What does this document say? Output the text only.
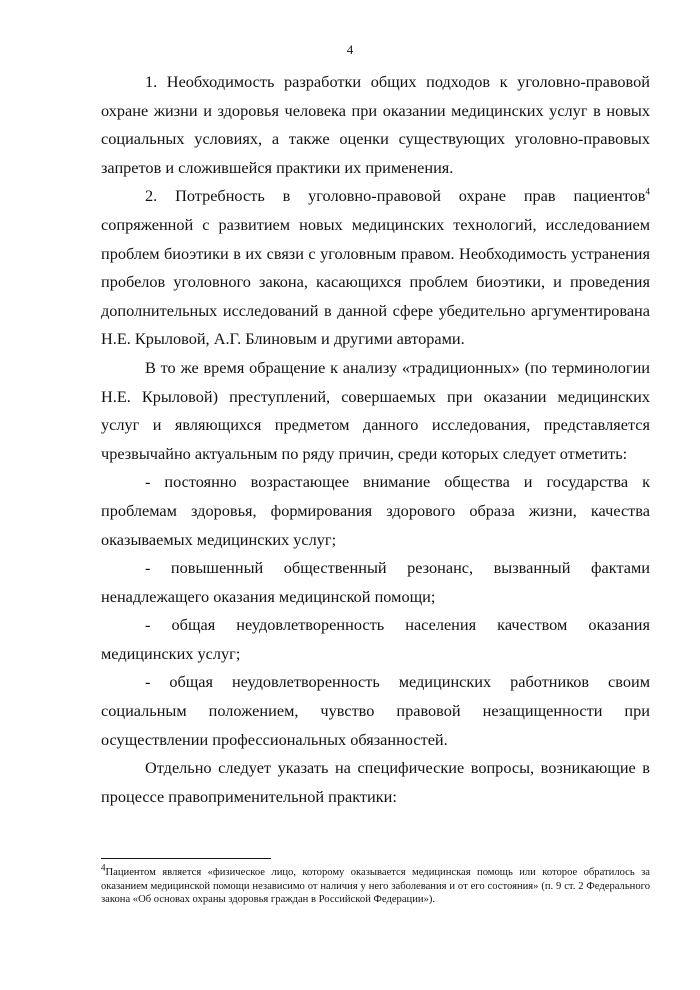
4

1. Необходимость разработки общих подходов к уголовно-правовой охране жизни и здоровья человека при оказании медицинских услуг в новых социальных условиях, а также оценки существующих уголовно-правовых запретов и сложившейся практики их применения.

2. Потребность в уголовно-правовой охране прав пациентов$^4$ сопряженной с развитием новых медицинских технологий, исследованием проблем биоэтики в их связи с уголовным правом. Необходимость устранения пробелов уголовного закона, касающихся проблем биоэтики, и проведения дополнительных исследований в данной сфере убедительно аргументирована Н.Е. Крыловой, А.Г. Блиновым и другими авторами.

В то же время обращение к анализу «традиционных» (по терминологии Н.Е. Крыловой) преступлений, совершаемых при оказании медицинских услуг и являющихся предметом данного исследования, представляется чрезвычайно актуальным по ряду причин, среди которых следует отметить:

- постоянно возрастающее внимание общества и государства к проблемам здоровья, формирования здорового образа жизни, качества оказываемых медицинских услуг;

- повышенный общественный резонанс, вызванный фактами ненадлежащего оказания медицинской помощи;

- общая неудовлетворенность населения качеством оказания медицинских услуг;

- общая неудовлетворенность медицинских работников своим социальным положением, чувство правовой незащищенности при осуществлении профессиональных обязанностей.

Отдельно следует указать на специфические вопросы, возникающие в процессе правоприменительной практики:

$^4$Пациентом является «физическое лицо, которому оказывается медицинская помощь или которое обратилось за оказанием медицинской помощи независимо от наличия у него заболевания и от его состояния» (п. 9 ст. 2 Федерального закона «Об основах охраны здоровья граждан в Российской Федерации»).
